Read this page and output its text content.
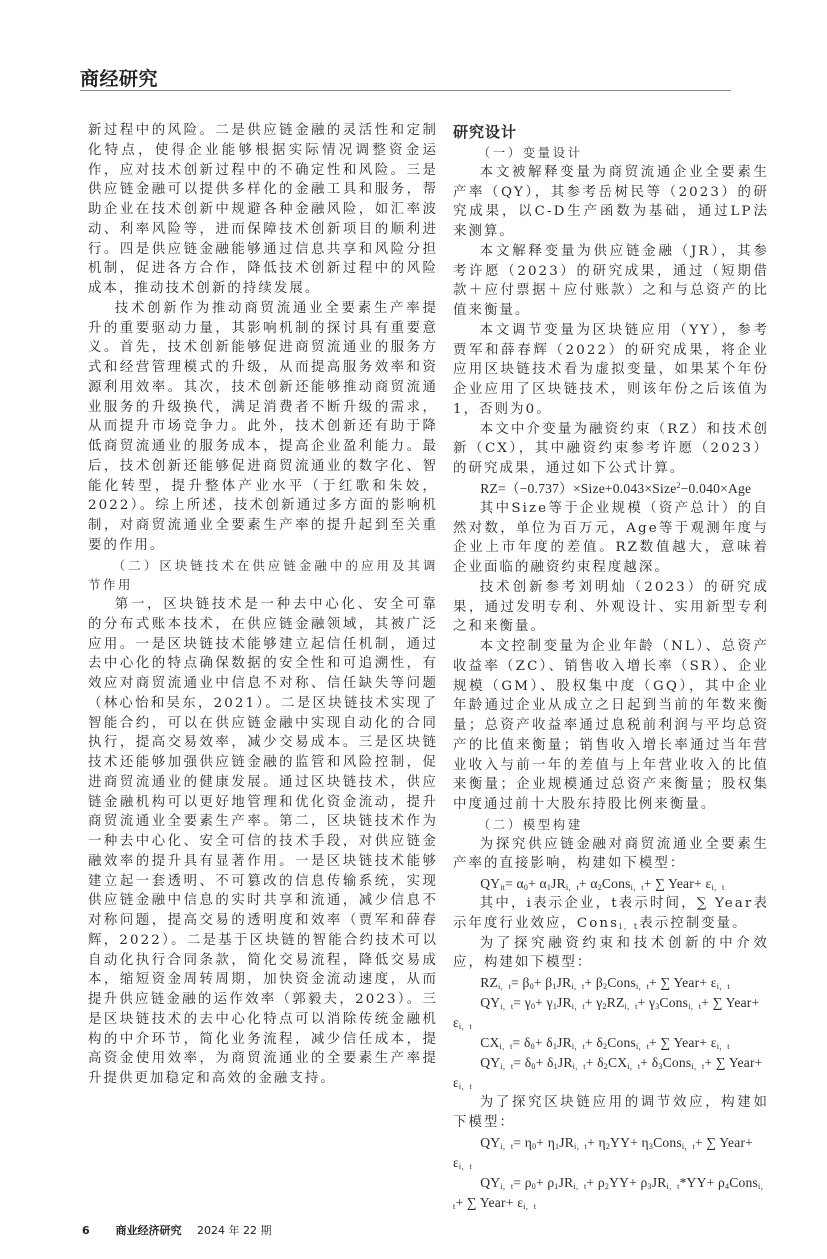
商经研究

新过程中的风险。二是供应链金融的灵活性和定制化特点，使得企业能够根据实际情况调整资金运作，应对技术创新过程中的不确定性和风险。三是供应链金融可以提供多样化的金融工具和服务，帮助企业在技术创新中规避各种金融风险，如汇率波动、利率风险等，进而保障技术创新项目的顺利进行。四是供应链金融能够通过信息共享和风险分担机制，促进各方合作，降低技术创新过程中的风险成本，推动技术创新的持续发展。

技术创新作为推动商贸流通业全要素生产率提升的重要驱动力量，其影响机制的探讨具有重要意义。首先，技术创新能够促进商贸流通业的服务方式和经营管理模式的升级，从而提高服务效率和资源利用效率。其次，技术创新还能够推动商贸流通业服务的升级换代，满足消费者不断升级的需求，从而提升市场竞争力。此外，技术创新还有助于降低商贸流通业的服务成本，提高企业盈利能力。最后，技术创新还能够促进商贸流通业的数字化、智能化转型，提升整体产业水平（于红歌和朱姣，2022）。综上所述，技术创新通过多方面的影响机制，对商贸流通业全要素生产率的提升起到至关重要的作用。

（二）区块链技术在供应链金融中的应用及其调节作用

第一，区块链技术是一种去中心化、安全可靠的分布式账本技术，在供应链金融领域，其被广泛应用。一是区块链技术能够建立起信任机制，通过去中心化的特点确保数据的安全性和可追溯性，有效应对商贸流通业中信息不对称、信任缺失等问题（林心怡和吴东，2021）。二是区块链技术实现了智能合约，可以在供应链金融中实现自动化的合同执行，提高交易效率，减少交易成本。三是区块链技术还能够加强供应链金融的监管和风险控制，促进商贸流通业的健康发展。通过区块链技术，供应链金融机构可以更好地管理和优化资金流动，提升商贸流通业全要素生产率。第二，区块链技术作为一种去中心化、安全可信的技术手段，对供应链金融效率的提升具有显著作用。一是区块链技术能够建立起一套透明、不可篡改的信息传输系统，实现供应链金融中信息的实时共享和流通，减少信息不对称问题，提高交易的透明度和效率（贾军和薛春辉，2022）。二是基于区块链的智能合约技术可以自动化执行合同条款，简化交易流程，降低交易成本，缩短资金周转周期，加快资金流动速度，从而提升供应链金融的运作效率（郭毅夫，2023）。三是区块链技术的去中心化特点可以消除传统金融机构的中介环节，简化业务流程，减少信任成本，提高资金使用效率，为商贸流通业的全要素生产率提升提供更加稳定和高效的金融支持。

研究设计

（一）变量设计

本文被解释变量为商贸流通企业全要素生产率（QY），其参考岳树民等（2023）的研究成果，以C-D生产函数为基础，通过LP法来测算。

本文解释变量为供应链金融（JR），其参考许愿（2023）的研究成果，通过（短期借款＋应付票据＋应付账款）之和与总资产的比值来衡量。

本文调节变量为区块链应用（YY），参考贾军和薛春辉（2022）的研究成果，将企业应用区块链技术看为虚拟变量，如果某个年份企业应用了区块链技术，则该年份之后该值为1，否则为0。

本文中介变量为融资约束（RZ）和技术创新（CX），其中融资约束参考许愿（2023）的研究成果，通过如下公式计算。

RZ=（−0.737）×Size+0.043×Size$^2$−0.040×Age

其中Size等于企业规模（资产总计）的自然对数，单位为百万元，Age等于观测年度与企业上市年度的差值。RZ数值越大，意味着企业面临的融资约束程度越深。

技术创新参考刘明灿（2023）的研究成果，通过发明专利、外观设计、实用新型专利之和来衡量。

本文控制变量为企业年龄（NL）、总资产收益率（ZC）、销售收入增长率（SR）、企业规模（GM）、股权集中度（GQ），其中企业年龄通过企业从成立之日起到当前的年数来衡量；总资产收益率通过息税前利润与平均总资产的比值来衡量；销售收入增长率通过当年营业收入与前一年的差值与上年营业收入的比值来衡量；企业规模通过总资产来衡量；股权集中度通过前十大股东持股比例来衡量。

（二）模型构建

为探究供应链金融对商贸流通业全要素生产率的直接影响，构建如下模型：

$QY_{it}= \alpha_0+ \alpha_1JR_{i,t}+$ $\alpha_2Cons_{i,t}+$ ∑ Year+ $\varepsilon_{i,t}$

其中，i表示企业，t表示时间，∑ Year表示年度行业效应，Consi，t表示控制变量。

为了探究融资约束和技术创新的中介效应，构建如下模型：

$RZ_{i,t}= \beta_0+ \beta_1JR_{i,t}+$ $\beta_2Cons_{i,t}+$ ∑ Year+ $\varepsilon_{i,t}$

$QY_{i,t}= \gamma_0+ \gamma_1JR_{i,t}+ \gamma_2RZ_{i,t}+$ $\gamma_3Cons_{i,t}+$ ∑ Year+ $\varepsilon_{i,t}$

$CX_{i,t}= \delta_0+ \delta_1JR_{i,t}+$ $\delta_2Cons_{i,t}+$ ∑ Year+ $\varepsilon_{i,t}$

$QY_{i,t}= \delta_0+ \delta_1JR_{i,t}+ \delta_2CX_{i,t}+$ $\delta_3Cons_{i,t}+$ ∑ Year+ $\varepsilon_{i,t}$

为了探究区块链应用的调节效应，构建如下模型：

$QY_{i,t}= \eta_0+ \eta_1JR_{i,t}+ \eta_2YY+$ $\eta_3Cons_{i,t}+$ ∑ Year+ $\varepsilon_{i,t}$

$QY_{i,t}= \rho_0+ \rho_1JR_{i,t}+ \rho_2YY+ \rho_3JR_{i,t}*YY+$ $\rho_4Cons_{i,t}+$ ∑ Year+ $\varepsilon_{i,t}$

6 商业经济研究 2024 年 22 期
